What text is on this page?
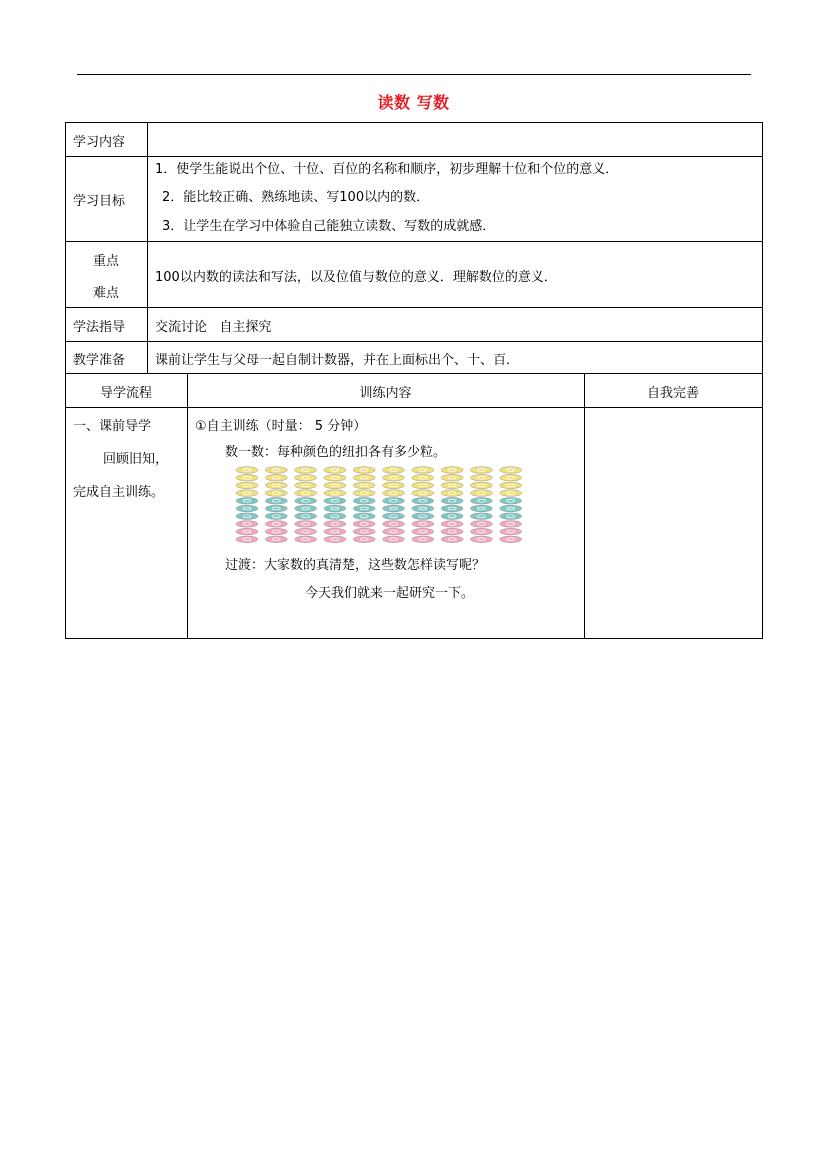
读数 写数
学习内容
学习目标
1．使学生能说出个位、十位、百位的名称和顺序，初步理解十位和个位的意义．
2．能比较正确、熟练地读、写100以内的数．
3．让学生在学习中体验自己能独立读数、写数的成就感．
重点
难点
100以内数的读法和写法，以及位值与数位的意义．理解数位的意义．
学法指导 交流讨论   自主探究
教学准备 课前让学生与父母一起自制计数器，并在上面标出个、十、百．
导学流程	训练内容	自我完善
一、课前导学
回顾旧知，
完成自主训练。
①自主训练（时量： 5 分钟）
数一数：每种颜色的纽扣各有多少粒。
过渡：大家数的真清楚，这些数怎样读写呢？
今天我们就来一起研究一下。
